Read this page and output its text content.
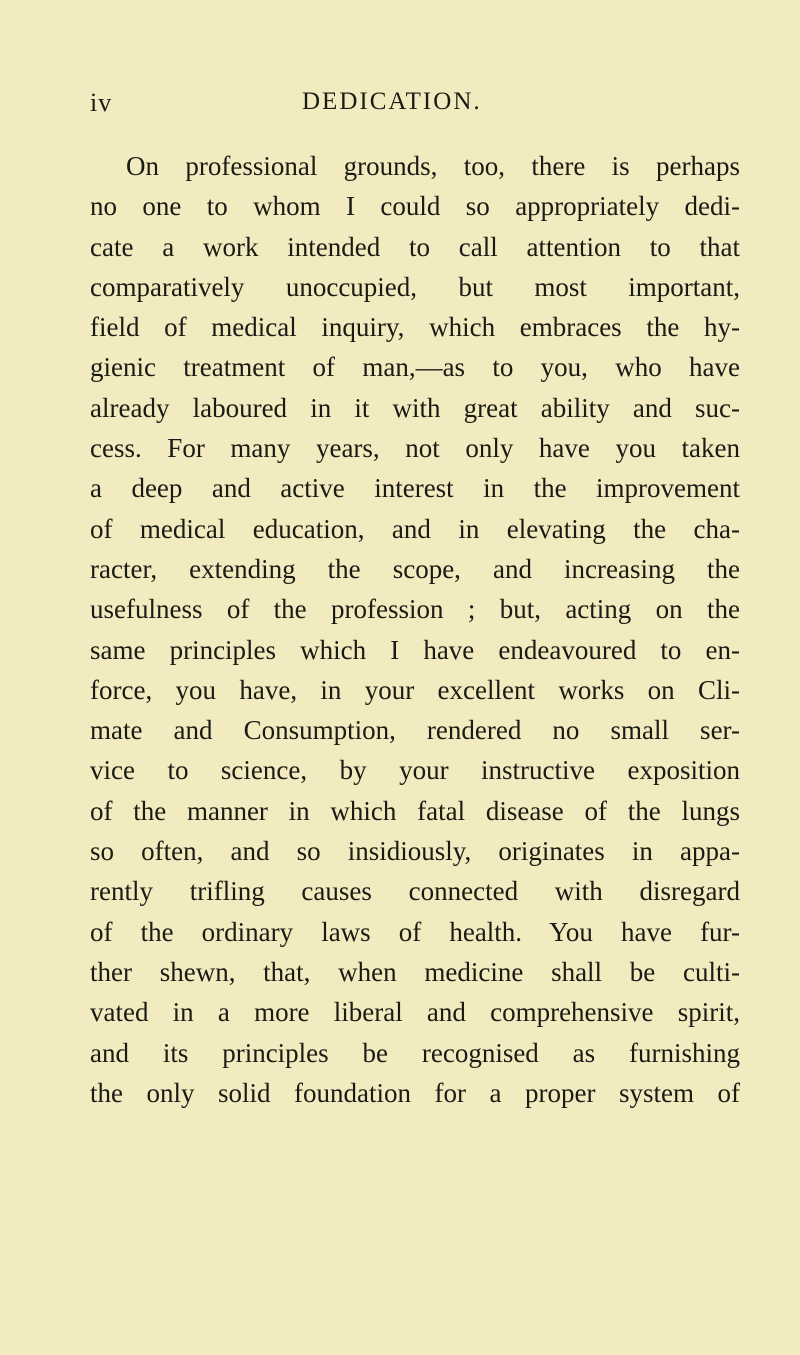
iv	DEDICATION.
On professional grounds, too, there is perhaps
no one to whom I could so appropriately dedi-
cate a work intended to call attention to that
comparatively unoccupied, but most important,
field of medical inquiry, which embraces the hy-
gienic treatment of man,—as to you, who have
already laboured in it with great ability and suc-
cess. For many years, not only have you taken
a deep and active interest in the improvement
of medical education, and in elevating the cha-
racter, extending the scope, and increasing the
usefulness of the profession ; but, acting on the
same principles which I have endeavoured to en-
force, you have, in your excellent works on Cli-
mate and Consumption, rendered no small ser-
vice to science, by your instructive exposition
of the manner in which fatal disease of the lungs
so often, and so insidiously, originates in appa-
rently trifling causes connected with disregard
of the ordinary laws of health. You have fur-
ther shewn, that, when medicine shall be culti-
vated in a more liberal and comprehensive spirit,
and its principles be recognised as furnishing
the only solid foundation for a proper system of
